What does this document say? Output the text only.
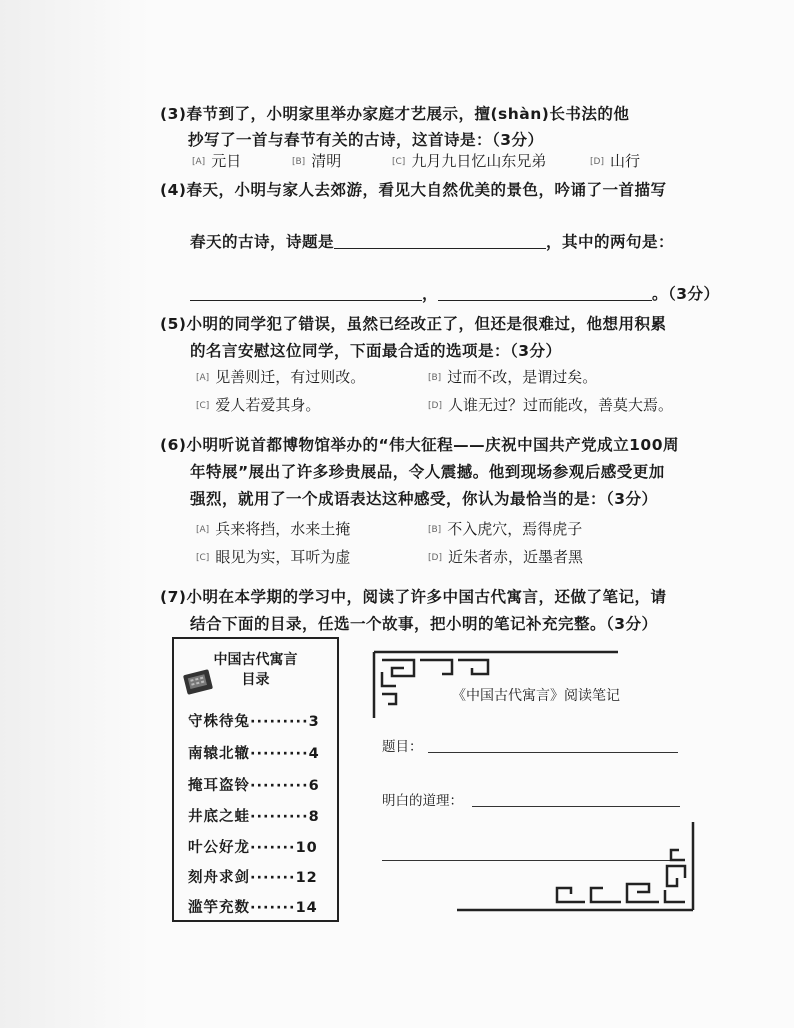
(3)春节到了，小明家里举办家庭才艺展示，擅(shàn)长书法的他
抄写了一首与春节有关的古诗，这首诗是：（3分）
[A] 元日	[B] 清明	[C] 九月九日忆山东兄弟	[D] 山行
(4)春天，小明与家人去郊游，看见大自然优美的景色，吟诵了一首描写
春天的古诗，诗题是	，其中的两句是：
，	。（3分）
(5)小明的同学犯了错误，虽然已经改正了，但还是很难过，他想用积累
的名言安慰这位同学，下面最合适的选项是：（3分）
[A] 见善则迁，有过则改。	[B] 过而不改，是谓过矣。
[C] 爱人若爱其身。	[D] 人谁无过？过而能改，善莫大焉。
(6)小明听说首都博物馆举办的“伟大征程——庆祝中国共产党成立100周
年特展”展出了许多珍贵展品，令人震撼。他到现场参观后感受更加
强烈，就用了一个成语表达这种感受，你认为最恰当的是：（3分）
[A] 兵来将挡，水来土掩	[B] 不入虎穴，焉得虎子
[C] 眼见为实，耳听为虚	[D] 近朱者赤，近墨者黑
(7)小明在本学期的学习中，阅读了许多中国古代寓言，还做了笔记，请
结合下面的目录，任选一个故事，把小明的笔记补充完整。（3分）
中国古代寓言
目录
守株待兔·········3
南辕北辙·········4
掩耳盗铃·········6
井底之蛙·········8
叶公好龙·······10
刻舟求剑·······12
滥竽充数·······14
《中国古代寓言》阅读笔记
题目：
明白的道理：
